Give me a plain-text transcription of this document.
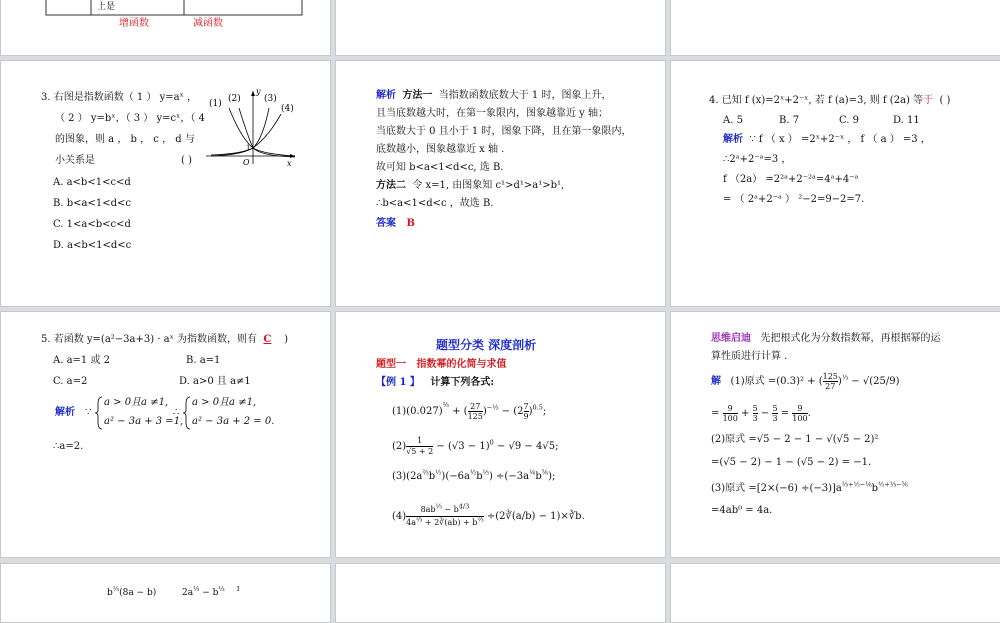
上是
增函数	减函数
3. 右图是指数函数（ 1 ） y=aˣ ，
（ 2 ） y=bˣ，（ 3 ） y=cˣ，（ 4
的图象，则 a ， b ， c ， d 与
小关系是	( )
A. a<b<1<c<d
B. b<a<1<d<c
C. 1<a<b<c<d
D. a<b<1<d<c
(1) (2)	(3)
(4)
y
x
O
1
解析 方法一 当指数函数底数大于 1 时，图象上升，
且当底数越大时，在第一象限内，图象越靠近 y 轴；
当底数大于 0 且小于 1 时，图象下降，且在第一象限内，
底数越小，图象越靠近 x 轴 .
故可知 b<a<1<d<c, 选 B.
方法二 令 x=1, 由图象知 c¹>d¹>a¹>b¹,
∴b<a<1<d<c ，故选 B.
答案 B
4. 已知 f (x)=2ˣ+2⁻ˣ, 若 f (a)=3, 则 f (2a) 等于 ( )
A. 5	B. 7	C. 9	D. 11
解析 ∵ f （ x ） =2ˣ+2⁻ˣ ， f （ a ） =3 ，
∴2ᵃ+2⁻ᵃ=3 ，
f （2a） =2²ᵃ+2⁻²ᵃ=4ᵃ+4⁻ᵃ
= （ 2ᵃ+2⁻ᵃ ） ²−2=9−2=7.
5. 若函数 y=(a²−3a+3) · aˣ 为指数函数，则有 C )
A. a=1 或 2	B. a=1
C. a=2	D. a>0 且 a≠1
解析 ∵
a > 0且a ≠1,
a² − 3a + 3 =1,
∴
a > 0且a ≠1,
a² − 3a + 2 = 0.
∴a=2.
题型分类 深度剖析
题型一 指数幂的化简与求值
【例 1 】 计算下列各式:
$(1)(0.027)^{\frac{2}{3}}$ + ( $\frac{27}{125} )^{-\frac{1}{3}} - (2 \frac{7}{9} )^{0.5}$;
$(2) \frac{1}{√5 + 2} - (√3 - 1)^0 - √9 - 4√5$;
$(3)(2a^{\frac{2}{3}}b^{\frac{1}{2}})(-6a^{\frac{1}{2}}b^{\frac{1}{3}}) \div(-3a^{\frac{1}{6}}b^{\frac{5}{6}})$;
$(4) \frac{8ab^{\frac{1}{3}} - b^{4/3}}{4a^{\frac{2}{3}} + 2∛(ab) + b^{\frac{2}{3}}}$ ÷(2∛(a/b) − 1)×∛b.
思维启迪 先把根式化为分数指数幂，再根据幂的运
算性质进行计算 .
解 (1)原式 =(0.3)² + ( $\frac{125}{27} )^{\frac{1}{3}} - √(25/9)$
= $\frac{9}{100} + \frac{5}{3} - \frac{5}{3} = \frac{9}{100}$ .
(2)原式 =√5 − 2 − 1 − √(√5 − 2)²
=(√5 − 2) − 1 − (√5 − 2) = −1.
(3)原式 $=[2\times(-6) \div(-3)]a^{\frac{2}{3}+\frac{1}{2}-\frac{1}{6}}b^{\frac{1}{2}+\frac{1}{3}-\frac{5}{6}}$
=4ab⁰ = 4a.
$b^{\frac{1}{3}}(8a - b)$         $2a^{\frac{1}{3}} - b^{\frac{1}{3}}$ $^1$
